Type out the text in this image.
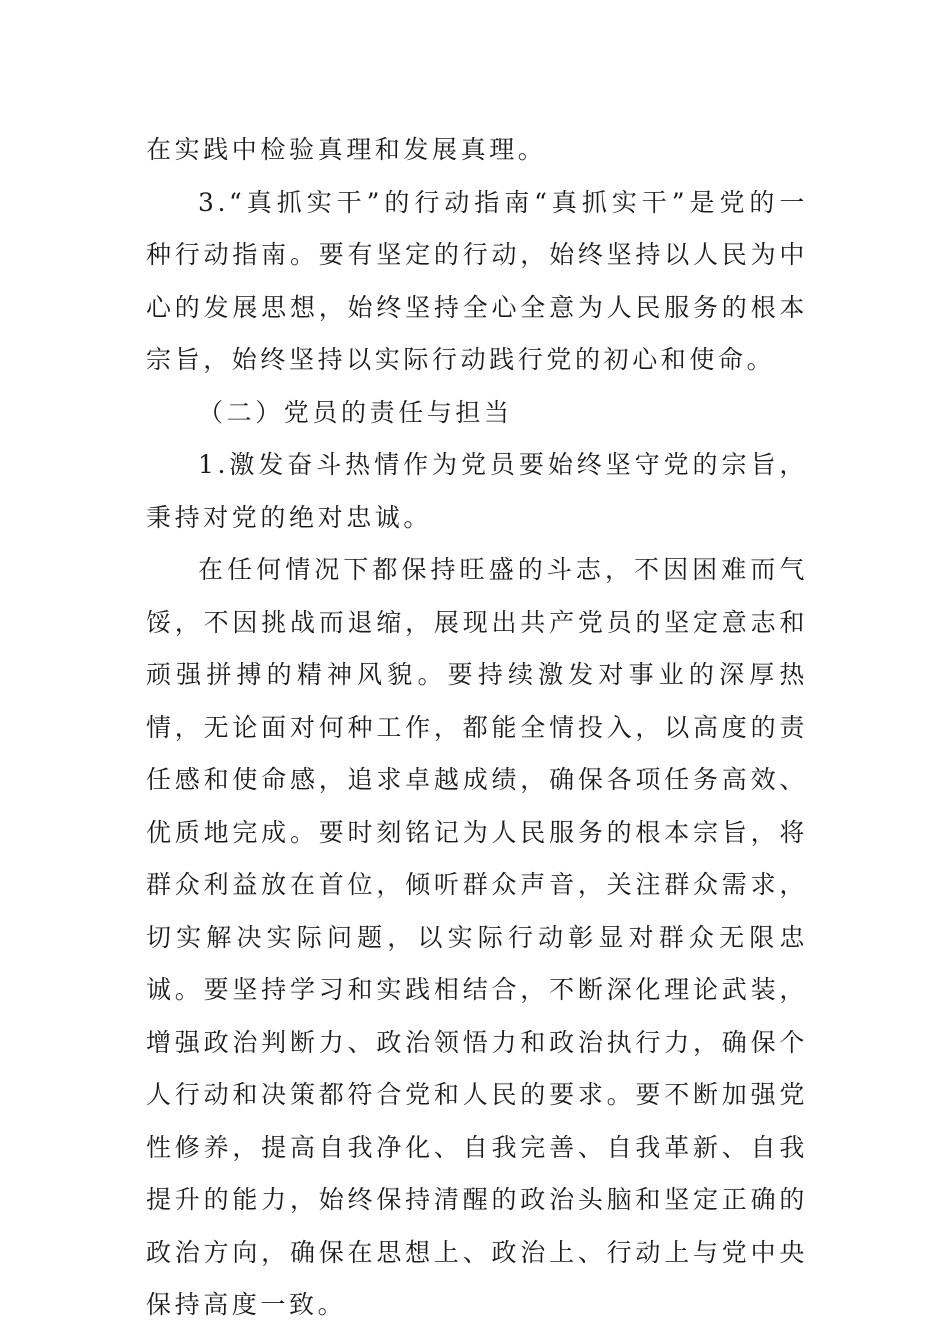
在实践中检验真理和发展真理。

3.“真抓实干”的行动指南“真抓实干”是党的一种行动指南。要有坚定的行动，始终坚持以人民为中心的发展思想，始终坚持全心全意为人民服务的根本宗旨，始终坚持以实际行动践行党的初心和使命。

（二）党员的责任与担当

1.激发奋斗热情作为党员要始终坚守党的宗旨，秉持对党的绝对忠诚。

在任何情况下都保持旺盛的斗志，不因困难而气馁，不因挑战而退缩，展现出共产党员的坚定意志和顽强拼搏的精神风貌。要持续激发对事业的深厚热情，无论面对何种工作，都能全情投入，以高度的责任感和使命感，追求卓越成绩，确保各项任务高效、优质地完成。要时刻铭记为人民服务的根本宗旨，将群众利益放在首位，倾听群众声音，关注群众需求，切实解决实际问题，以实际行动彰显对群众无限忠诚。要坚持学习和实践相结合，不断深化理论武装，增强政治判断力、政治领悟力和政治执行力，确保个人行动和决策都符合党和人民的要求。要不断加强党性修养，提高自我净化、自我完善、自我革新、自我提升的能力，始终保持清醒的政治头脑和坚定正确的政治方向，确保在思想上、政治上、行动上与党中央保持高度一致。
